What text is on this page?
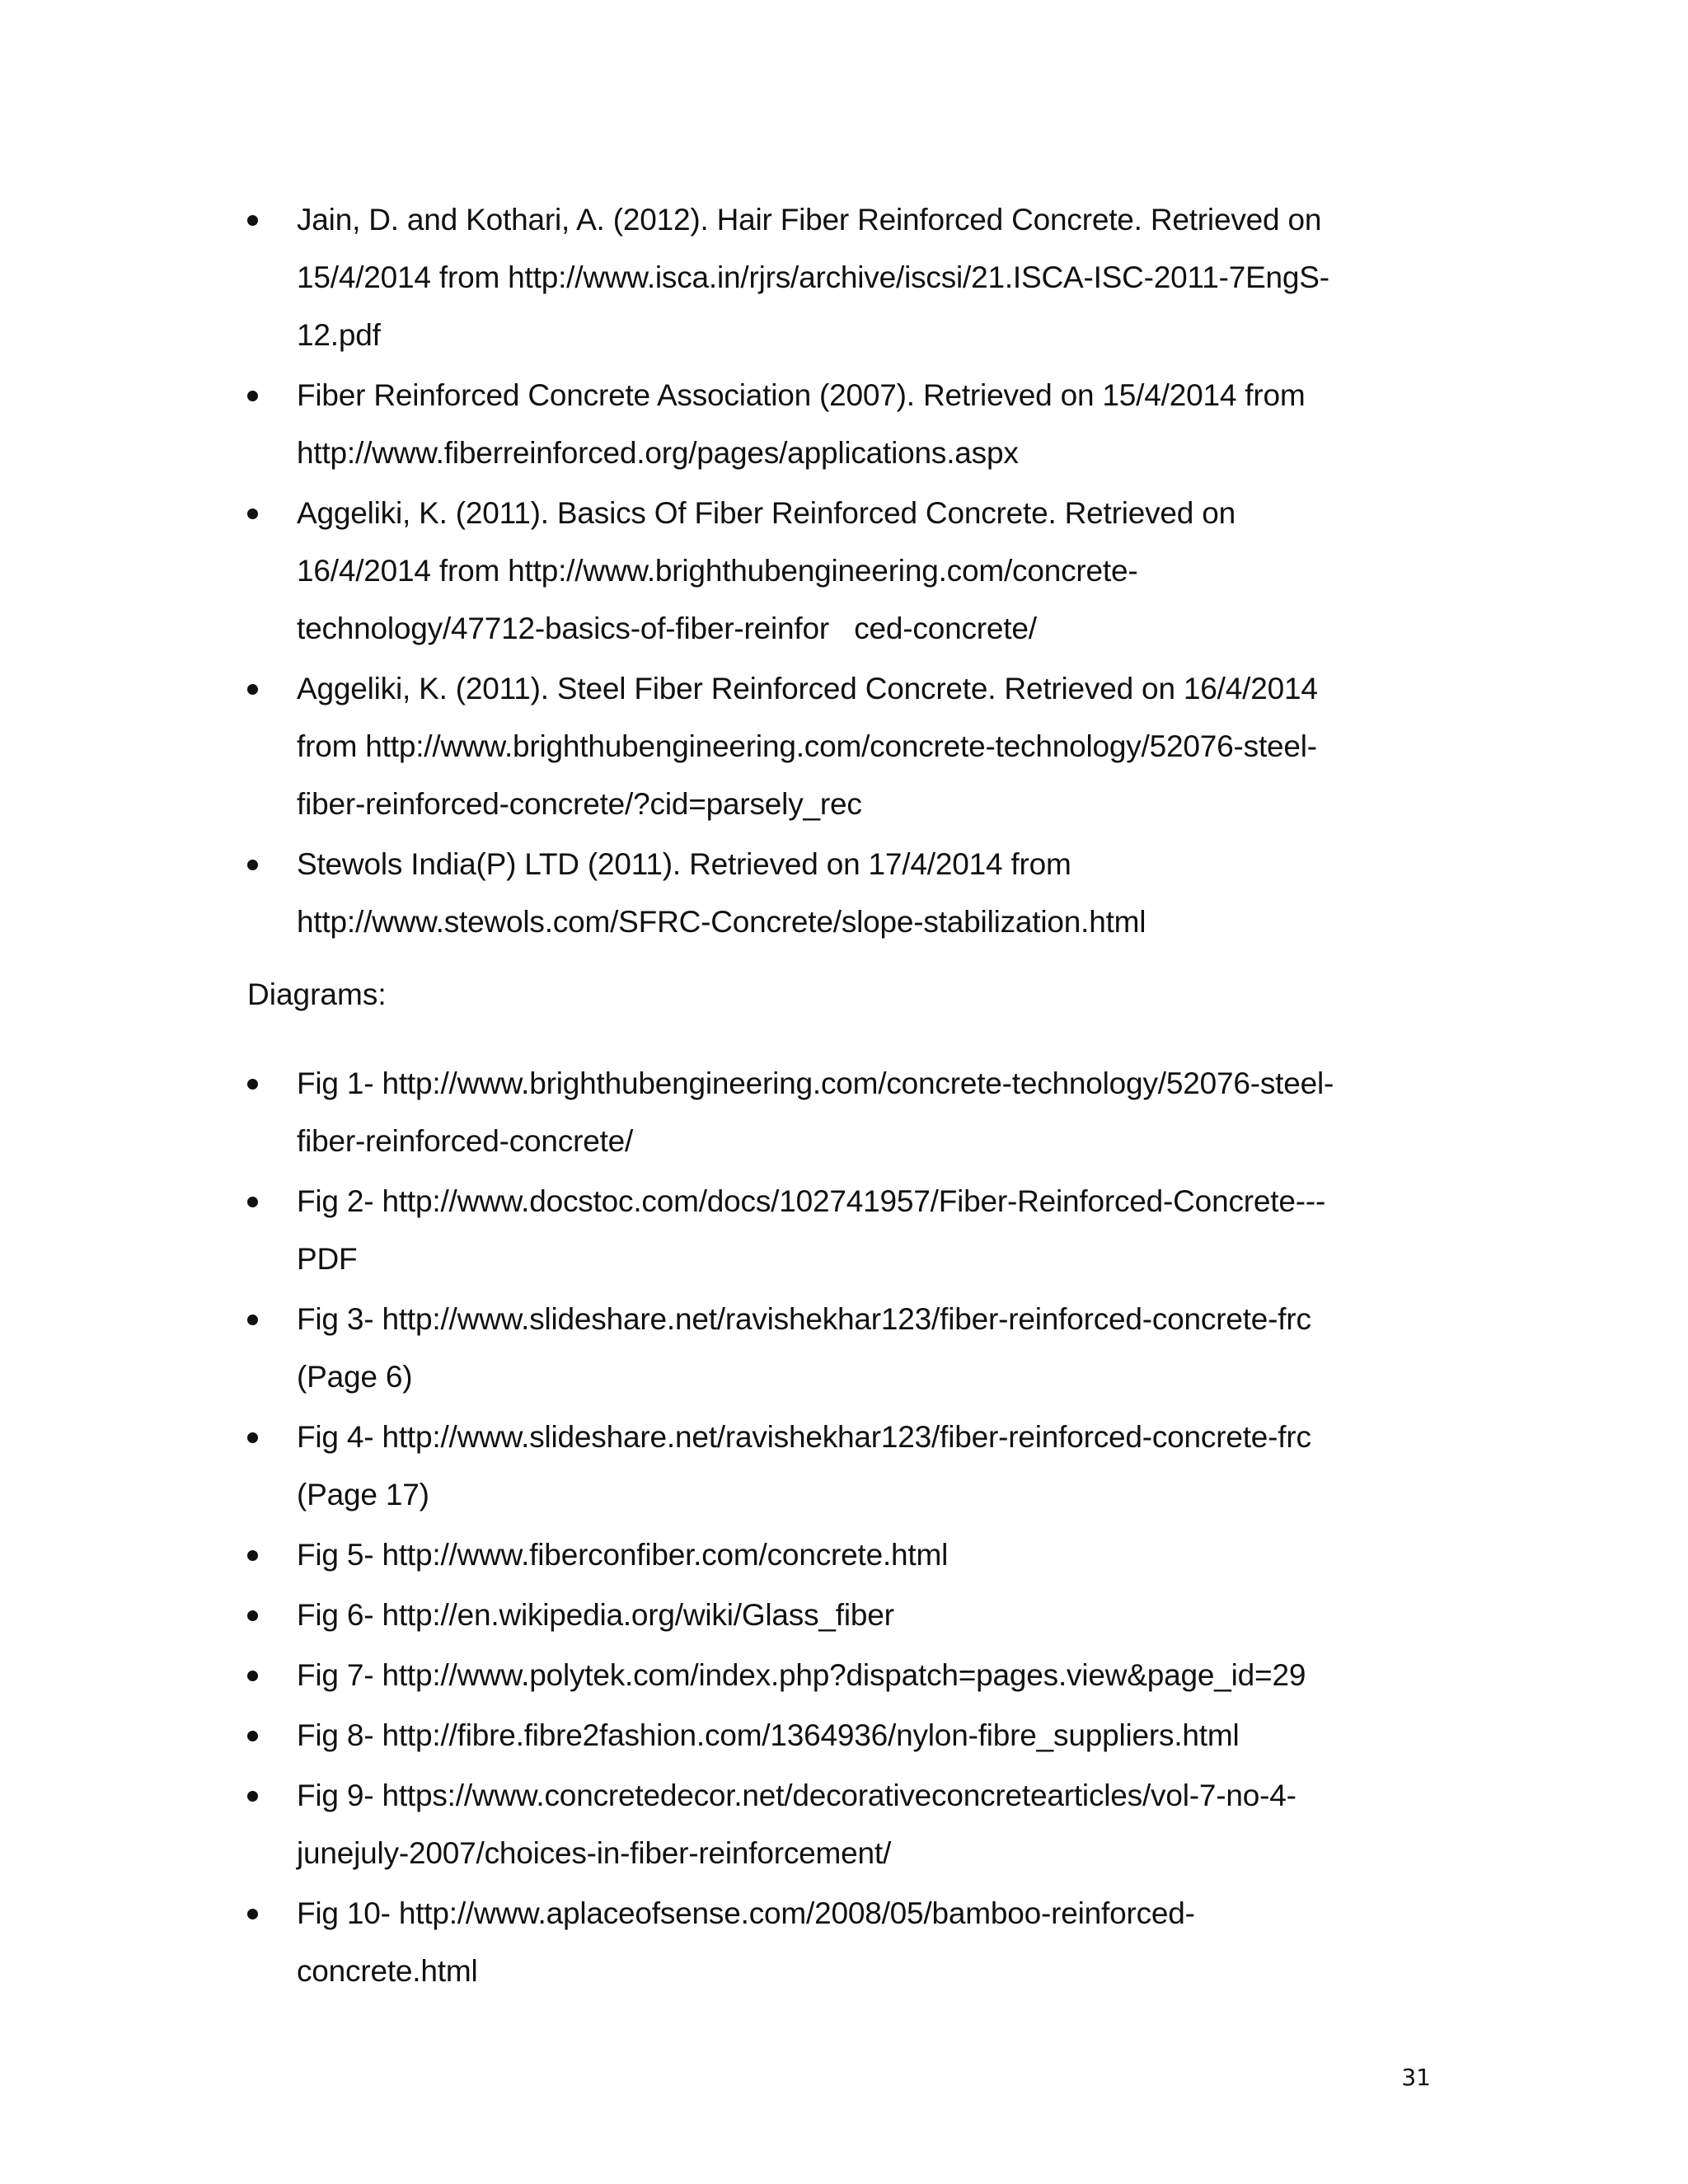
Jain, D. and Kothari, A. (2012). Hair Fiber Reinforced Concrete. Retrieved on
15/4/2014 from http://www.isca.in/rjrs/archive/iscsi/21.ISCA-ISC-2011-7EngS-
12.pdf
Fiber Reinforced Concrete Association (2007). Retrieved on 15/4/2014 from
http://www.fiberreinforced.org/pages/applications.aspx
Aggeliki, K. (2011). Basics Of Fiber Reinforced Concrete. Retrieved on
16/4/2014 from http://www.brighthubengineering.com/concrete-
technology/47712-basics-of-fiber-reinfor   ced-concrete/
Aggeliki, K. (2011). Steel Fiber Reinforced Concrete. Retrieved on 16/4/2014
from http://www.brighthubengineering.com/concrete-technology/52076-steel-
fiber-reinforced-concrete/?cid=parsely_rec
Stewols India(P) LTD (2011). Retrieved on 17/4/2014 from
http://www.stewols.com/SFRC-Concrete/slope-stabilization.html

Diagrams:

Fig 1- http://www.brighthubengineering.com/concrete-technology/52076-steel-
fiber-reinforced-concrete/
Fig 2- http://www.docstoc.com/docs/102741957/Fiber-Reinforced-Concrete---
PDF
Fig 3- http://www.slideshare.net/ravishekhar123/fiber-reinforced-concrete-frc
(Page 6)
Fig 4- http://www.slideshare.net/ravishekhar123/fiber-reinforced-concrete-frc
(Page 17)
Fig 5- http://www.fiberconfiber.com/concrete.html
Fig 6- http://en.wikipedia.org/wiki/Glass_fiber
Fig 7- http://www.polytek.com/index.php?dispatch=pages.view&page_id=29
Fig 8- http://fibre.fibre2fashion.com/1364936/nylon-fibre_suppliers.html
Fig 9- https://www.concretedecor.net/decorativeconcretearticles/vol-7-no-4-
junejuly-2007/choices-in-fiber-reinforcement/
Fig 10- http://www.aplaceofsense.com/2008/05/bamboo-reinforced-
concrete.html
31
